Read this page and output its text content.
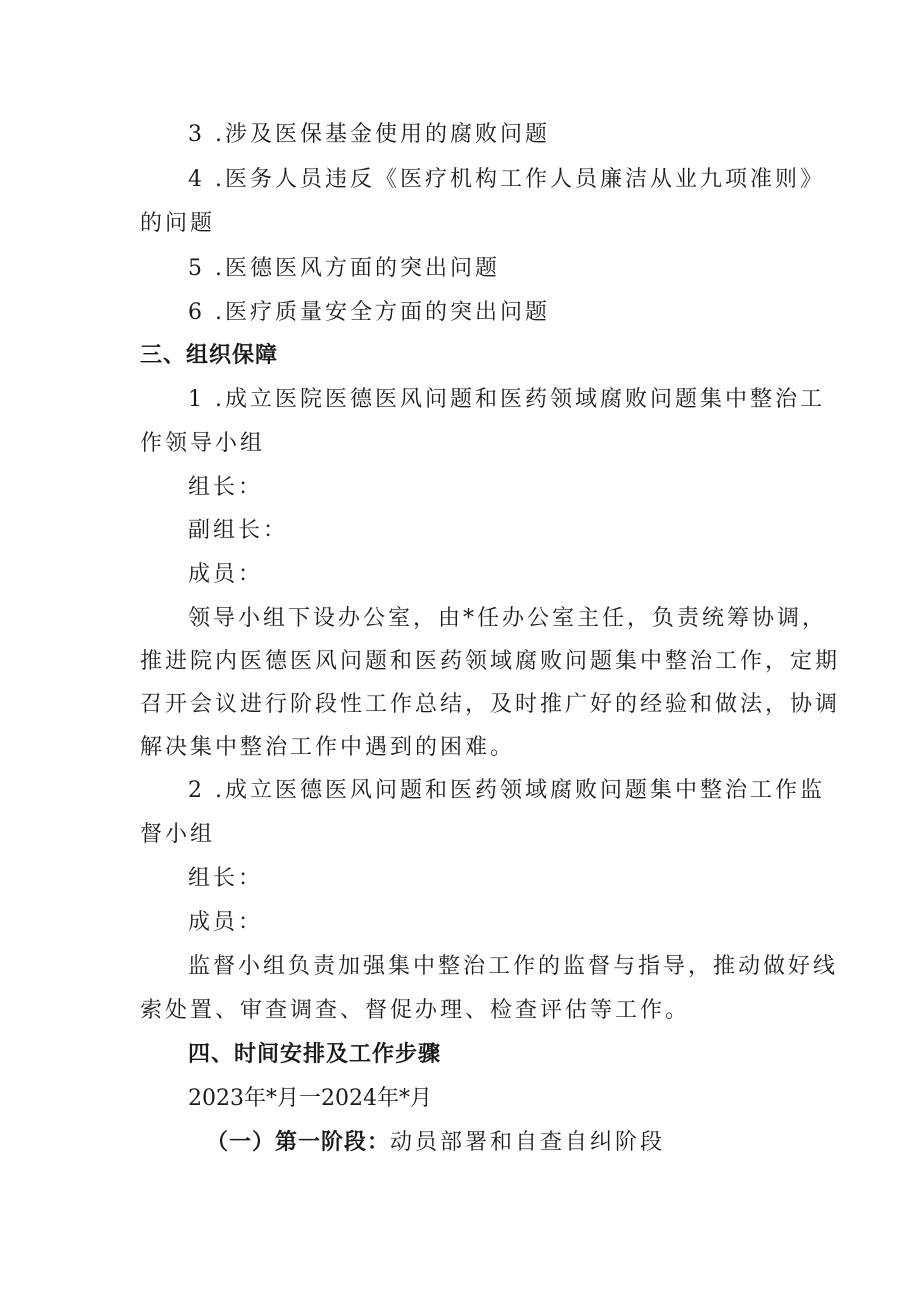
3 .涉及医保基金使用的腐败问题
4 .医务人员违反《医疗机构工作人员廉洁从业九项准则》
的问题
5 .医德医风方面的突出问题
6 .医疗质量安全方面的突出问题
三、组织保障
1 .成立医院医德医风问题和医药领域腐败问题集中整治工
作领导小组
组长：
副组长：
成员：
领导小组下设办公室，由*任办公室主任，负责统筹协调，
推进院内医德医风问题和医药领域腐败问题集中整治工作，定期
召开会议进行阶段性工作总结，及时推广好的经验和做法，协调
解决集中整治工作中遇到的困难。
2 .成立医德医风问题和医药领域腐败问题集中整治工作监
督小组
组长：
成员：
监督小组负责加强集中整治工作的监督与指导，推动做好线
索处置、审查调查、督促办理、检查评估等工作。
四、时间安排及工作步骤
2023年*月一2024年*月
（一）第一阶段：动员部署和自查自纠阶段
